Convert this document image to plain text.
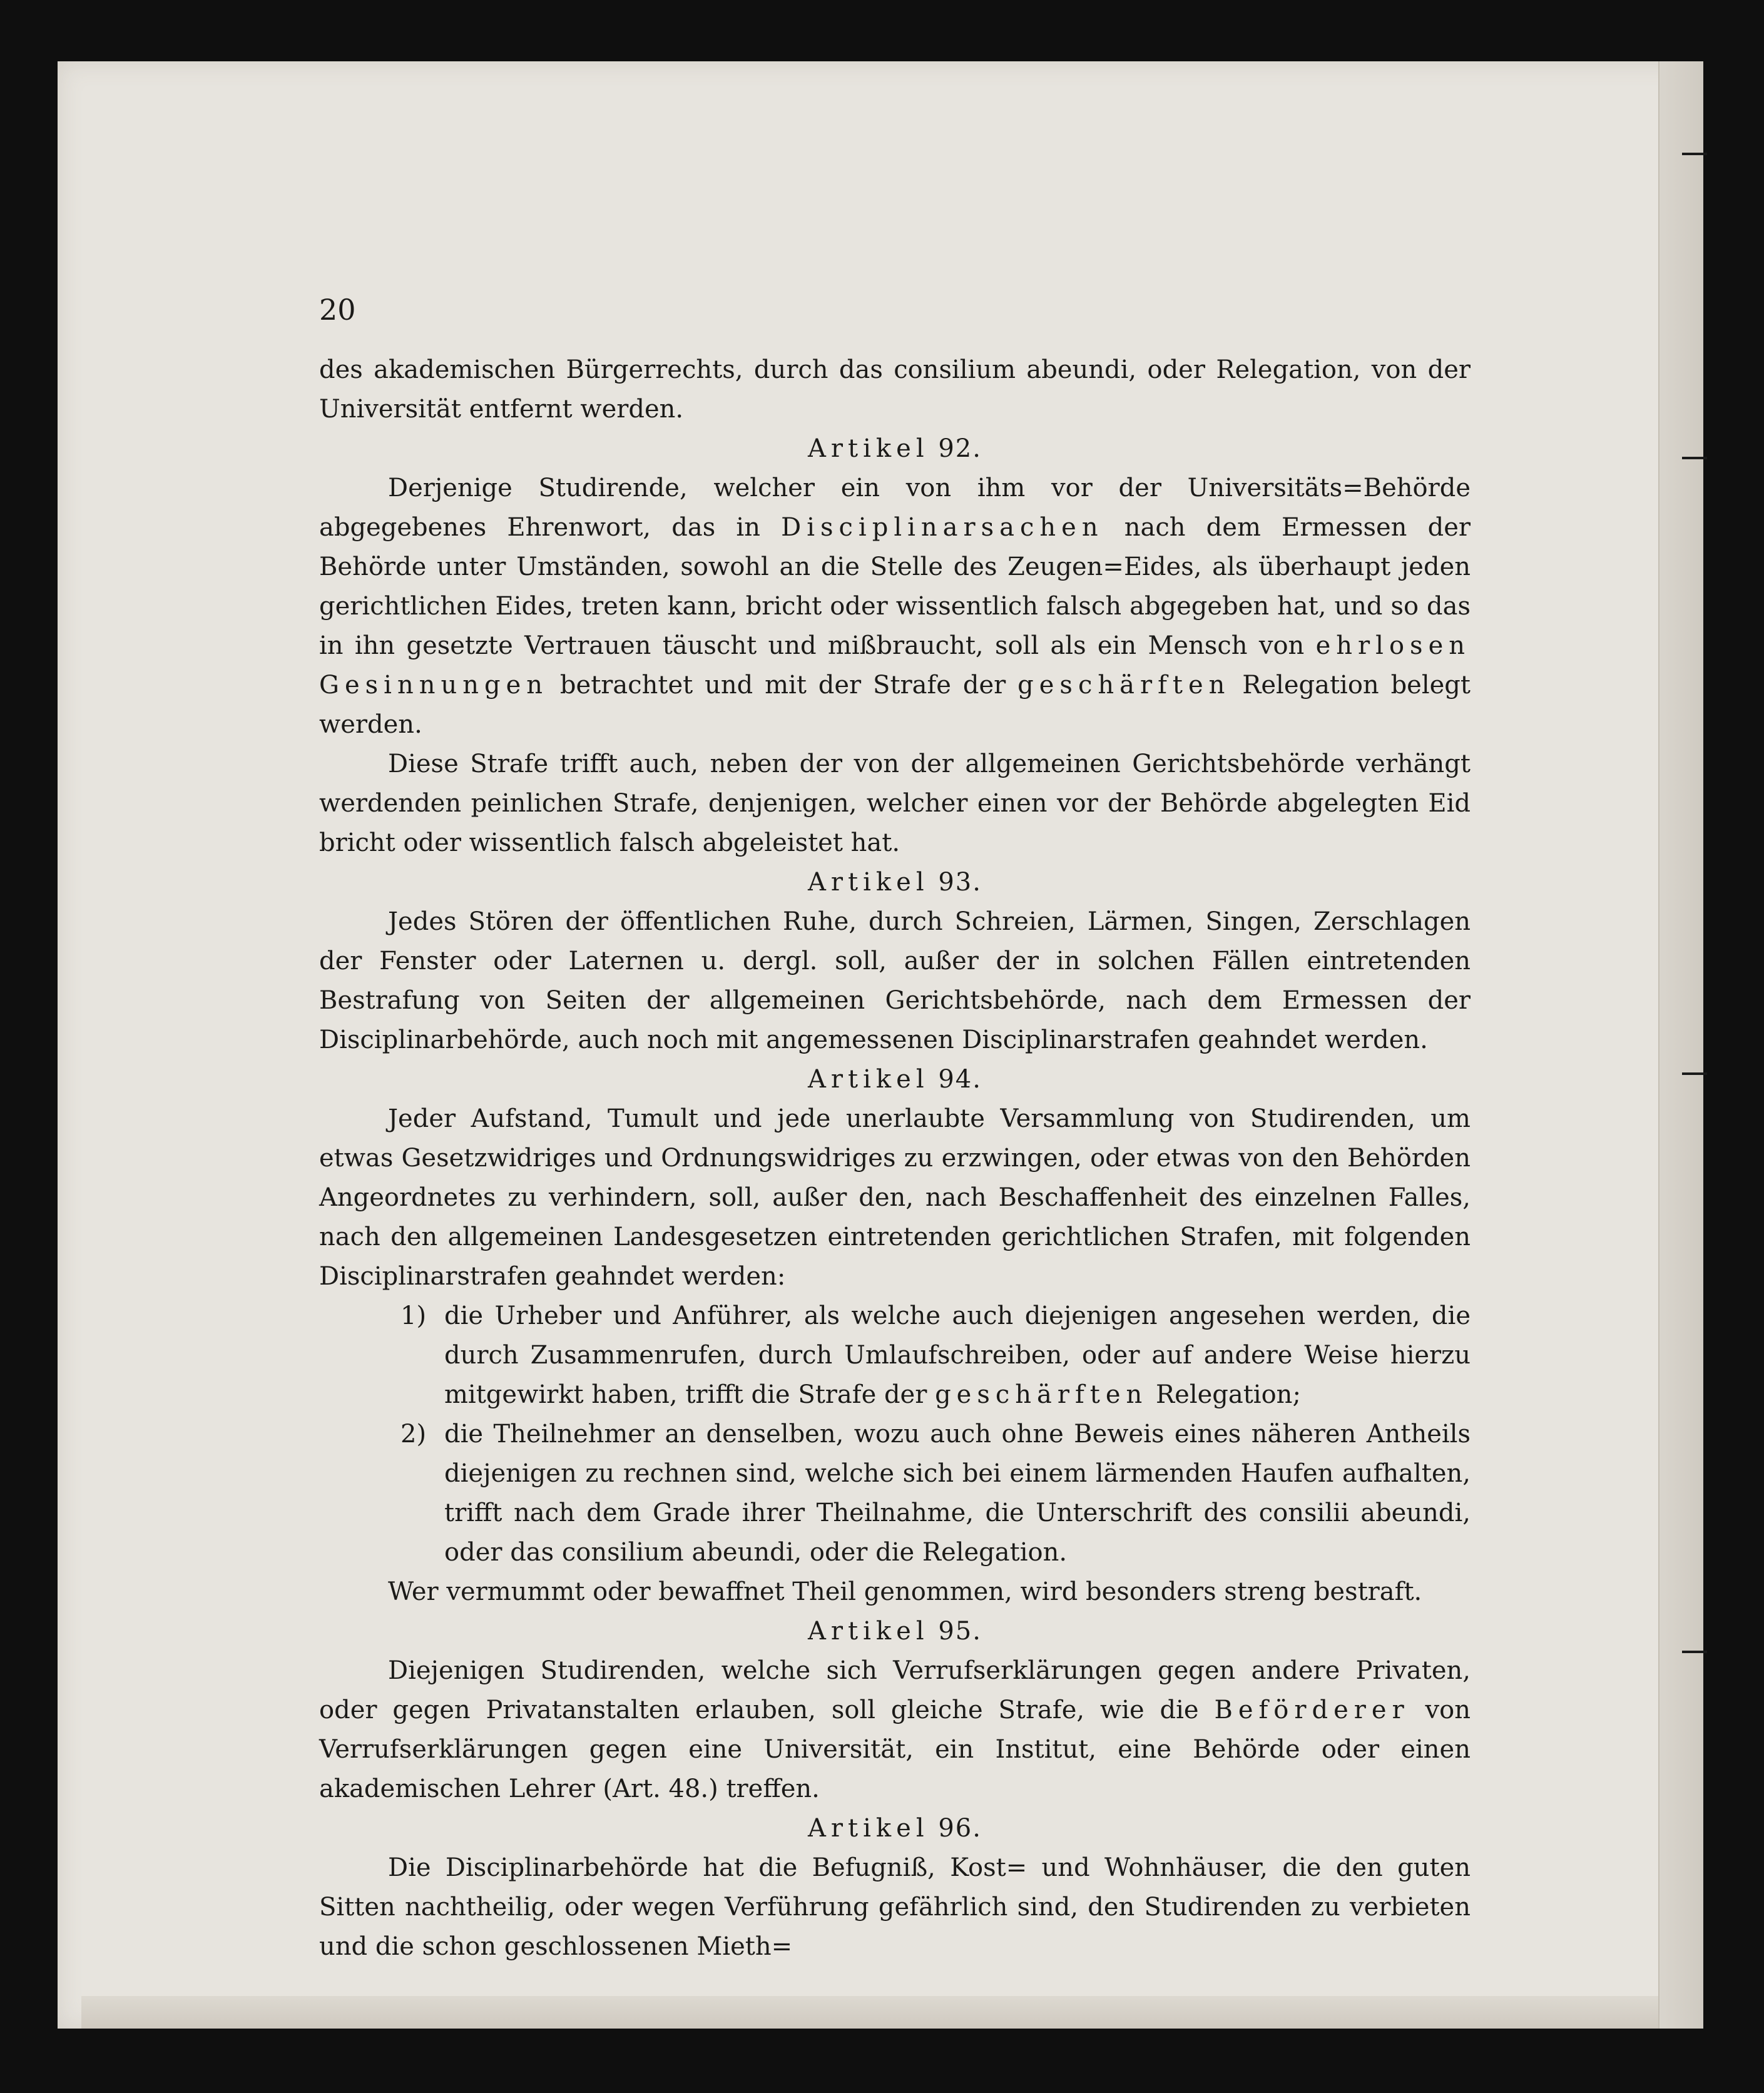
20

des akademischen Bürgerrechts, durch das consilium abeundi, oder Relegation, von der Universität entfernt werden.

Artikel 92.

Derjenige Studirende, welcher ein von ihm vor der Universitäts=Behörde abgegebenes Ehrenwort, das in Disciplinarsachen nach dem Ermessen der Behörde unter Umständen, sowohl an die Stelle des Zeugen=Eides, als überhaupt jeden gerichtlichen Eides, treten kann, bricht oder wissentlich falsch abgegeben hat, und so das in ihn gesetzte Vertrauen täuscht und mißbraucht, soll als ein Mensch von ehrlosen Gesinnungen betrachtet und mit der Strafe der geschärften Relegation belegt werden.

Diese Strafe trifft auch, neben der von der allgemeinen Gerichtsbehörde verhängt werdenden peinlichen Strafe, denjenigen, welcher einen vor der Behörde abgelegten Eid bricht oder wissentlich falsch abgeleistet hat.

Artikel 93.

Jedes Stören der öffentlichen Ruhe, durch Schreien, Lärmen, Singen, Zerschlagen der Fenster oder Laternen u. dergl. soll, außer der in solchen Fällen eintretenden Bestrafung von Seiten der allgemeinen Gerichtsbehörde, nach dem Ermessen der Disciplinarbehörde, auch noch mit angemessenen Disciplinarstrafen geahndet werden.

Artikel 94.

Jeder Aufstand, Tumult und jede unerlaubte Versammlung von Studirenden, um etwas Gesetzwidriges und Ordnungswidriges zu erzwingen, oder etwas von den Behörden Angeordnetes zu verhindern, soll, außer den, nach Beschaffenheit des einzelnen Falles, nach den allgemeinen Landesgesetzen eintretenden gerichtlichen Strafen, mit folgenden Disciplinarstrafen geahndet werden:

1) die Urheber und Anführer, als welche auch diejenigen angesehen werden, die durch Zusammenrufen, durch Umlaufschreiben, oder auf andere Weise hierzu mitgewirkt haben, trifft die Strafe der geschärften Relegation;

2) die Theilnehmer an denselben, wozu auch ohne Beweis eines näheren Antheils diejenigen zu rechnen sind, welche sich bei einem lärmenden Haufen aufhalten, trifft nach dem Grade ihrer Theilnahme, die Unterschrift des consilii abeundi, oder das consilium abeundi, oder die Relegation.

Wer vermummt oder bewaffnet Theil genommen, wird besonders streng bestraft.

Artikel 95.

Diejenigen Studirenden, welche sich Verrufserklärungen gegen andere Privaten, oder gegen Privatanstalten erlauben, soll gleiche Strafe, wie die Beförderer von Verrufserklärungen gegen eine Universität, ein Institut, eine Behörde oder einen akademischen Lehrer (Art. 48.) treffen.

Artikel 96.

Die Disciplinarbehörde hat die Befugniß, Kost= und Wohnhäuser, die den guten Sitten nachtheilig, oder wegen Verführung gefährlich sind, den Studirenden zu verbieten und die schon geschlossenen Mieth=
